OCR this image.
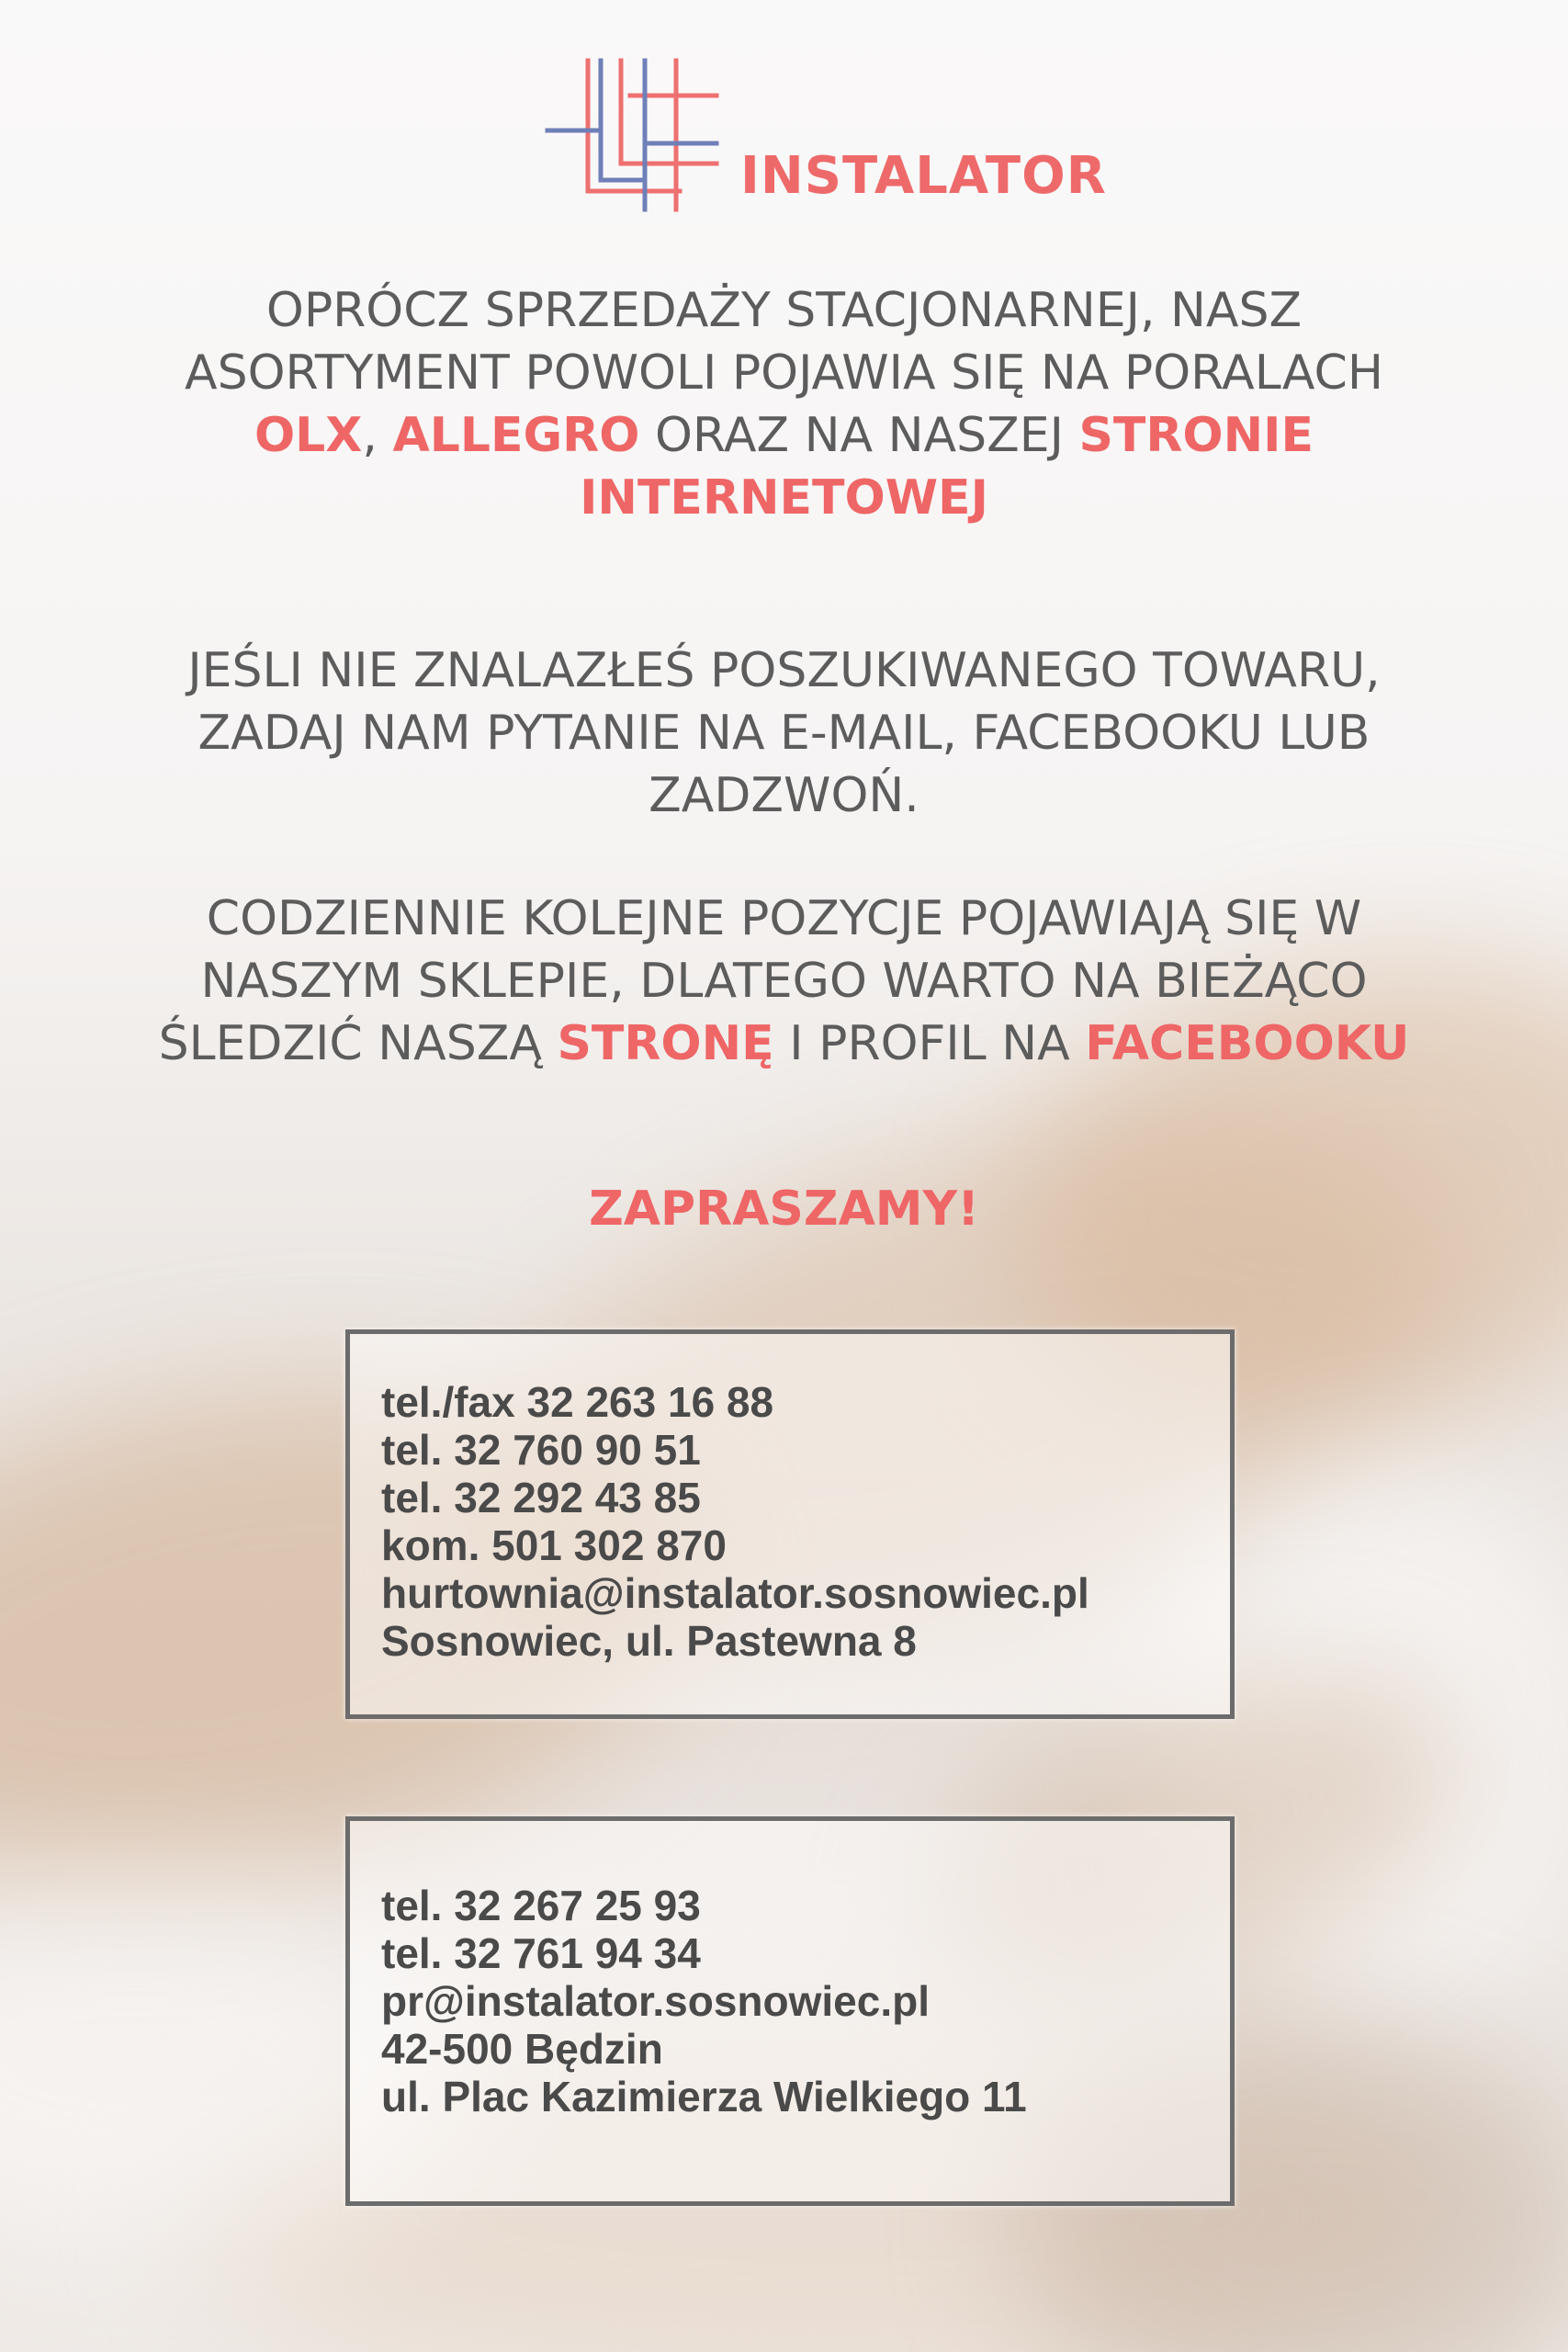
INSTALATOR
OPRÓCZ SPRZEDAŻY STACJONARNEJ, NASZ
ASORTYMENT POWOLI POJAWIA SIĘ NA PORALACH
OLX, ALLEGRO ORAZ NA NASZEJ STRONIE
INTERNETOWEJ
JEŚLI NIE ZNALAZŁEŚ POSZUKIWANEGO TOWARU,
ZADAJ NAM PYTANIE NA E-MAIL, FACEBOOKU LUB
ZADZWOŃ.
CODZIENNIE KOLEJNE POZYCJE POJAWIAJĄ SIĘ W
NASZYM SKLEPIE, DLATEGO WARTO NA BIEŻĄCO
ŚLEDZIĆ NASZĄ STRONĘ I PROFIL NA FACEBOOKU
ZAPRASZAMY!
tel./fax 32 263 16 88
tel. 32 760 90 51
tel. 32 292 43 85
kom. 501 302 870
hurtownia@instalator.sosnowiec.pl
Sosnowiec, ul. Pastewna 8
tel. 32 267 25 93
tel. 32 761 94 34
pr@instalator.sosnowiec.pl
42-500 Będzin
ul. Plac Kazimierza Wielkiego 11
